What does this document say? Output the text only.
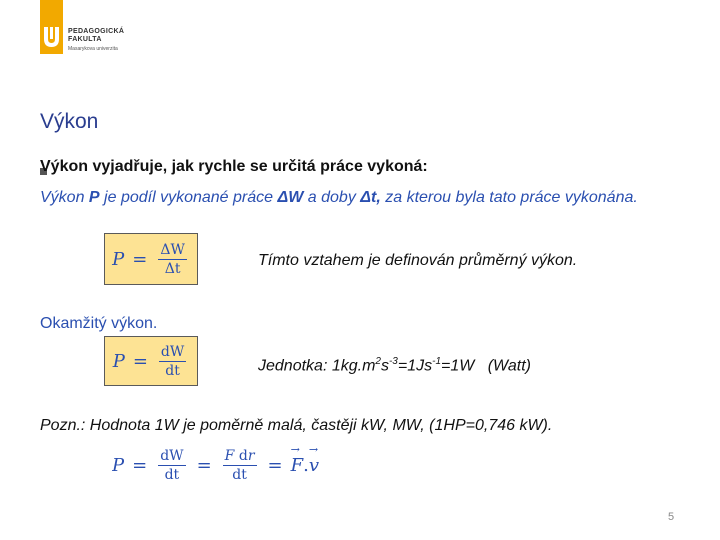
PEDAGOGICKÁ
FAKULTA
Masarykova univerzita
Výkon
Výkon vyjadřuje, jak rychle se určitá práce vykoná:
Výkon P je podíl vykonané práce ΔW a doby Δt, za kterou byla tato práce vykonána.
$P = \frac{\Delta W}{\Delta t}$	Tímto vztahem je definován průměrný výkon.
Okamžitý výkon.
$P = \frac{dW}{dt}$	Jednotka: $1kg.m^2s^{-3}=1Js^{-1}=1W$   (Watt)
Pozn.: Hodnota 1W je poměrně malá, častěji kW, MW, (1HP=0,746 kW).
$P = \frac{dW}{dt} = \frac{F \to dr \to}{dt} = F$ → . v →
5
